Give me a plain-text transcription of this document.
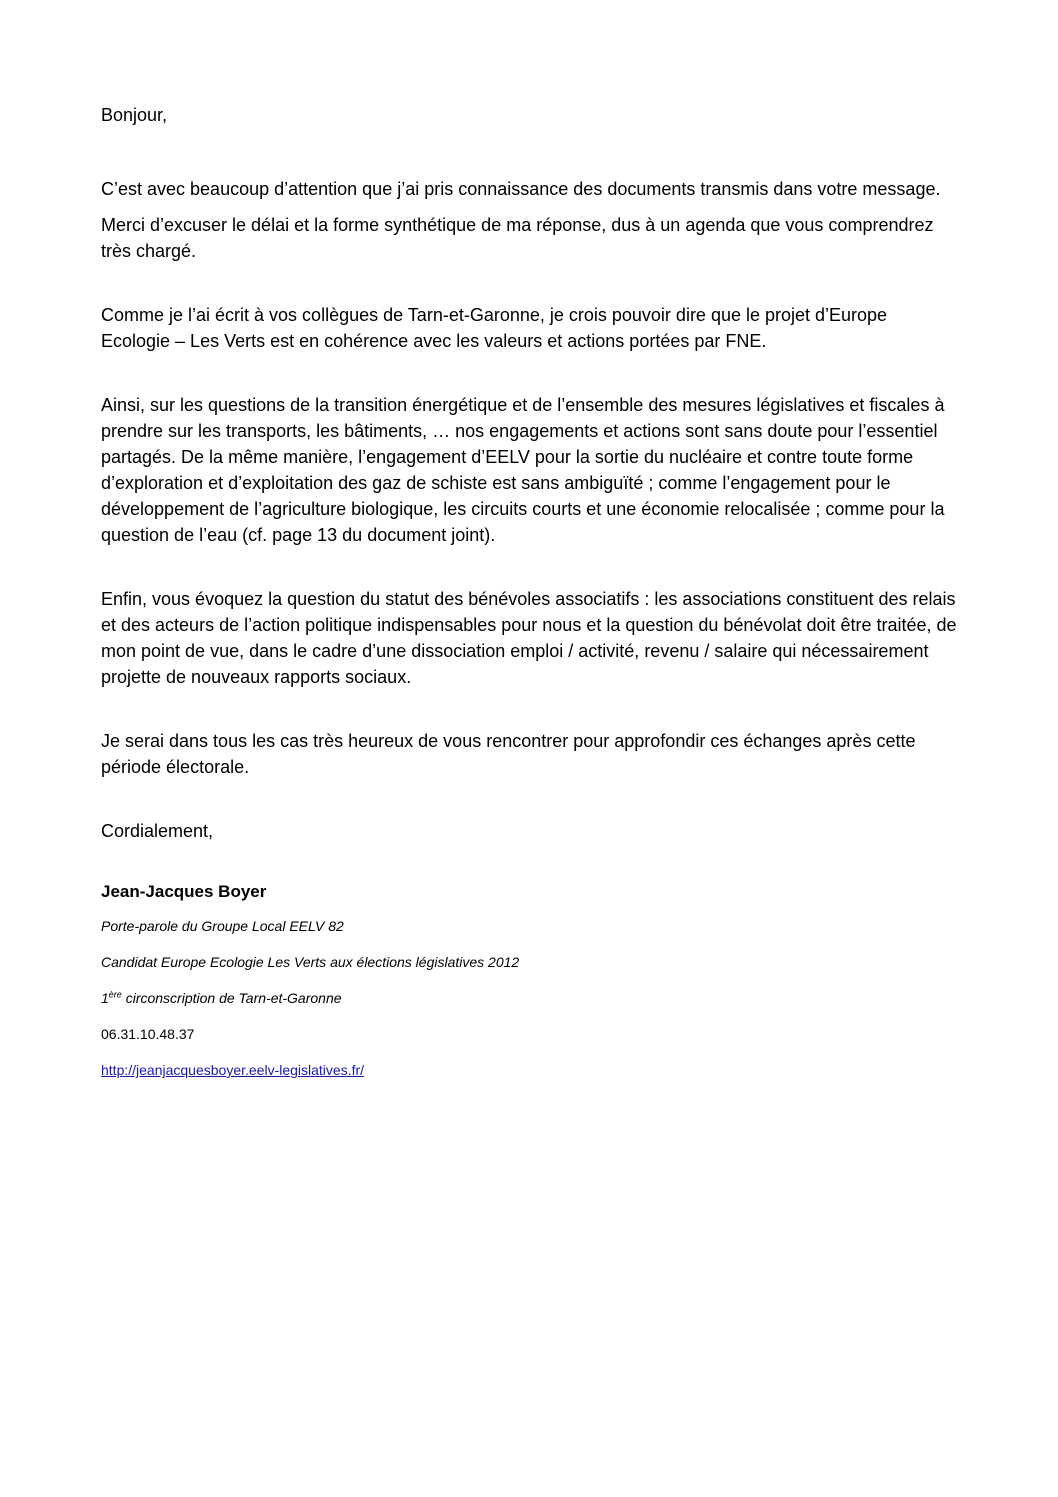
Bonjour,

C’est avec beaucoup d’attention que j’ai pris connaissance des documents transmis dans votre message.

Merci d’excuser le délai et la forme synthétique de ma réponse, dus à un agenda que vous comprendrez très chargé.

Comme je l’ai écrit à vos collègues de Tarn-et-Garonne, je crois pouvoir dire que le projet d’Europe Ecologie – Les Verts est en cohérence avec les valeurs et actions portées par FNE.

Ainsi, sur les questions de la transition énergétique et de l’ensemble des mesures législatives et fiscales à prendre sur les transports, les bâtiments, … nos engagements et actions sont sans doute pour l’essentiel partagés. De la même manière, l’engagement d’EELV pour la sortie du nucléaire et contre toute forme d’exploration et d’exploitation des gaz de schiste est sans ambiguïté ; comme l’engagement pour le développement de l’agriculture biologique, les circuits courts et une économie relocalisée ; comme pour la question de l’eau (cf. page 13 du document joint).

Enfin, vous évoquez la question du statut des bénévoles associatifs : les associations constituent des relais et des acteurs de l’action politique indispensables pour nous et la question du bénévolat doit être traitée, de mon point de vue, dans le cadre d’une dissociation emploi / activité, revenu / salaire qui nécessairement projette de nouveaux rapports sociaux.

Je serai dans tous les cas très heureux de vous rencontrer pour approfondir ces échanges après cette période électorale.

Cordialement,

Jean-Jacques Boyer
Porte-parole du Groupe Local EELV 82
Candidat Europe Ecologie Les Verts aux élections législatives 2012
1ère circonscription de Tarn-et-Garonne
06.31.10.48.37
http://jeanjacquesboyer.eelv-legislatives.fr/
